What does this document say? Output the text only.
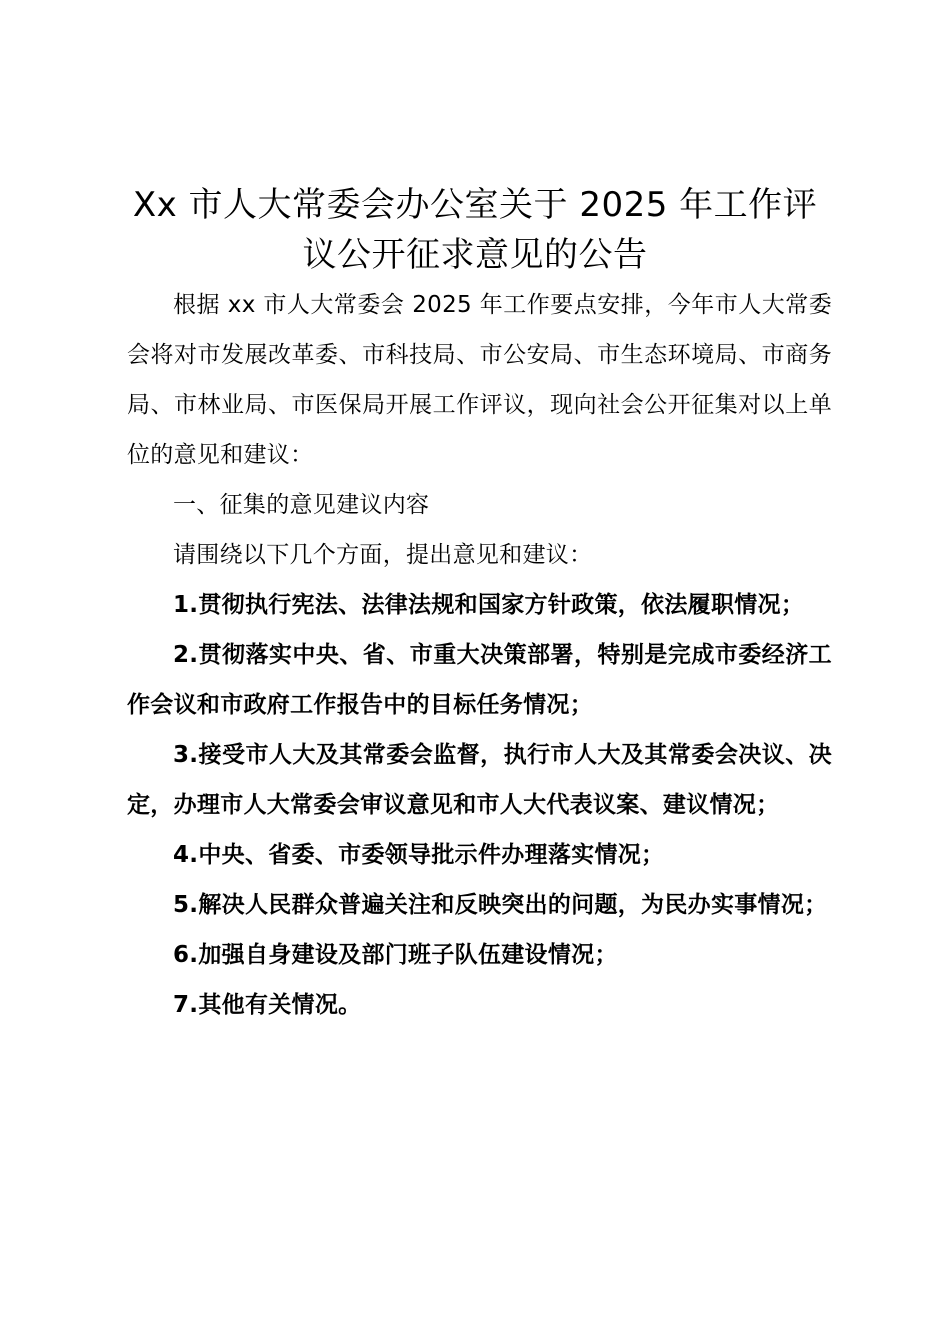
Xx 市人大常委会办公室关于 2025 年工作评议公开征求意见的公告

根据 xx 市人大常委会 2025 年工作要点安排，今年市人大常委会将对市发展改革委、市科技局、市公安局、市生态环境局、市商务局、市林业局、市医保局开展工作评议，现向社会公开征集对以上单位的意见和建议：

一、征集的意见建议内容

请围绕以下几个方面，提出意见和建议：

1.贯彻执行宪法、法律法规和国家方针政策，依法履职情况；

2.贯彻落实中央、省、市重大决策部署，特别是完成市委经济工作会议和市政府工作报告中的目标任务情况；

3.接受市人大及其常委会监督，执行市人大及其常委会决议、决定，办理市人大常委会审议意见和市人大代表议案、建议情况；

4.中央、省委、市委领导批示件办理落实情况；

5.解决人民群众普遍关注和反映突出的问题，为民办实事情况；

6.加强自身建设及部门班子队伍建设情况；

7.其他有关情况。
